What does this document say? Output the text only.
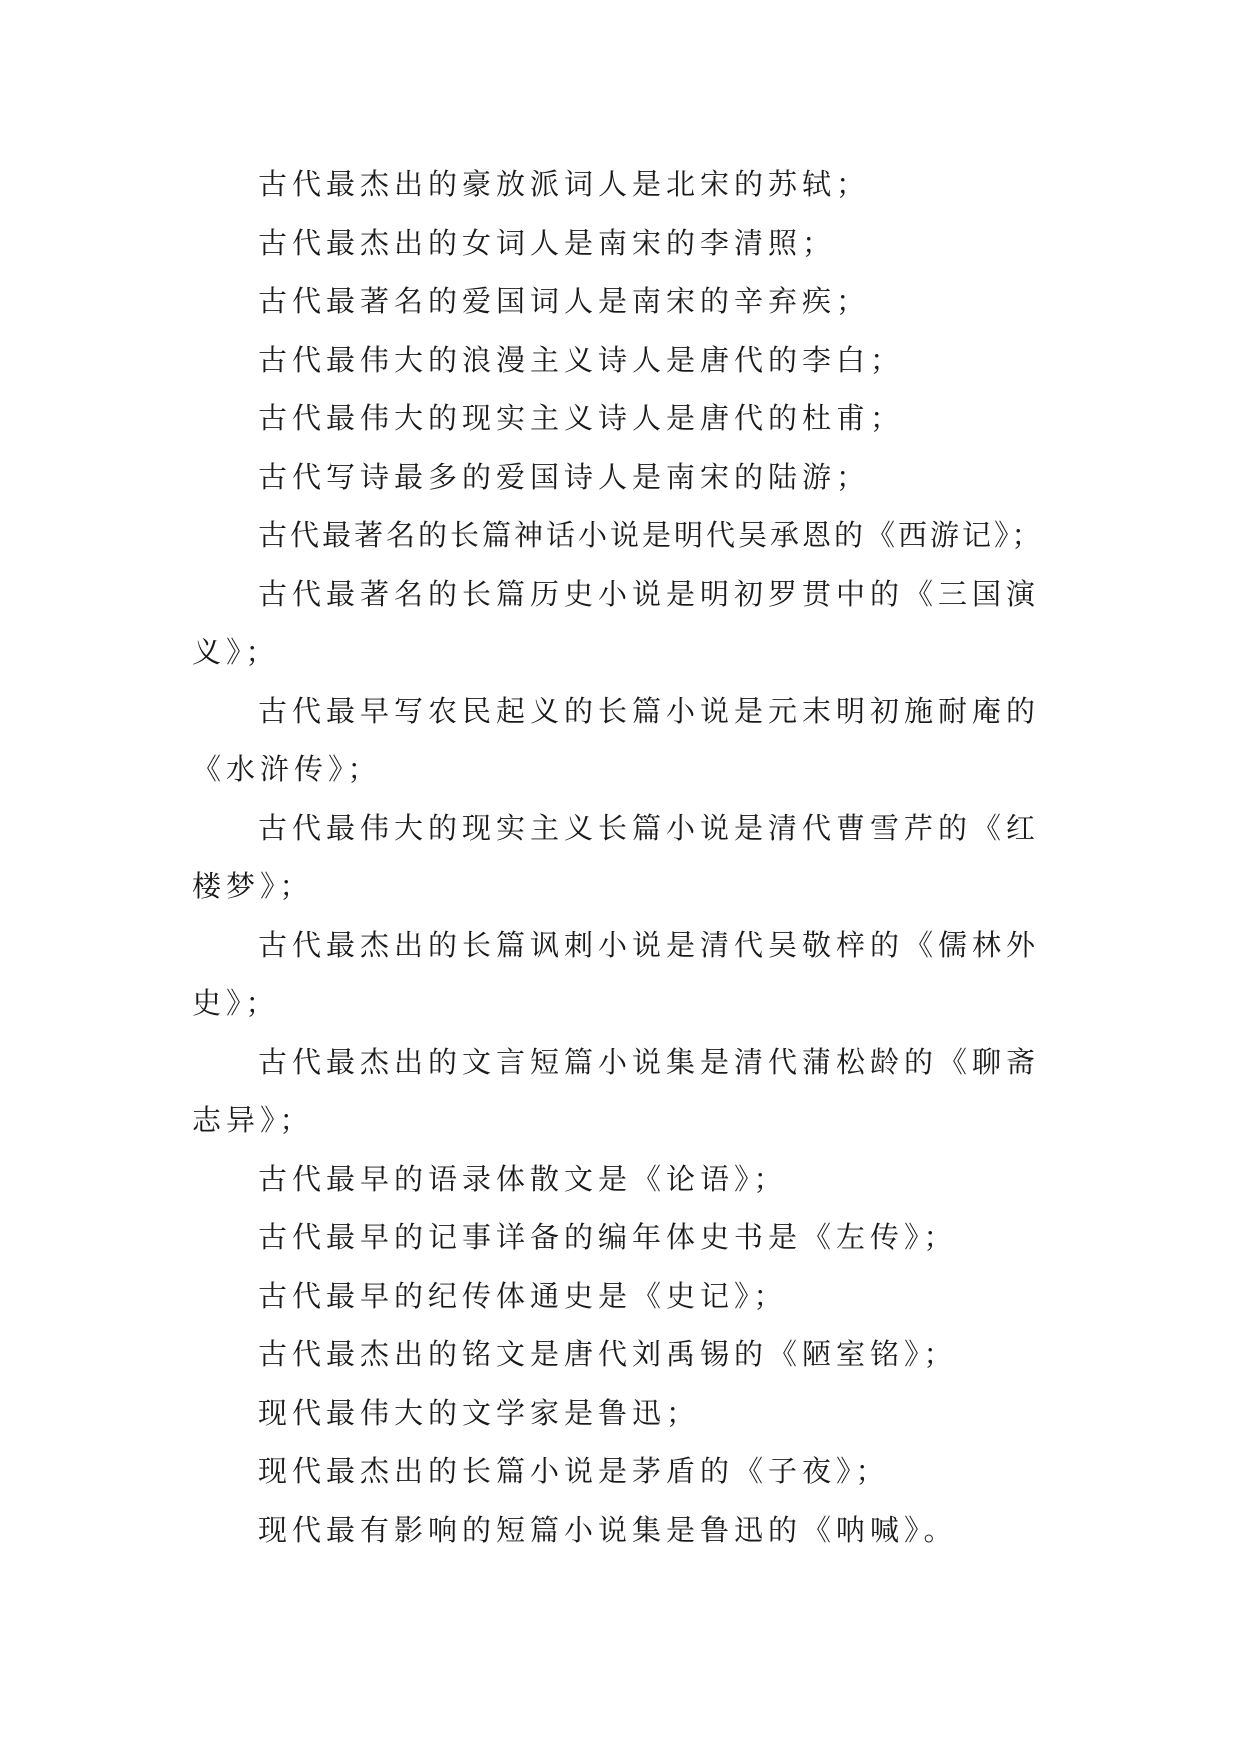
古代最杰出的豪放派词人是北宋的苏轼；

古代最杰出的女词人是南宋的李清照；

古代最著名的爱国词人是南宋的辛弃疾；

古代最伟大的浪漫主义诗人是唐代的李白；

古代最伟大的现实主义诗人是唐代的杜甫；

古代写诗最多的爱国诗人是南宋的陆游；

古代最著名的长篇神话小说是明代吴承恩的《西游记》；

古代最著名的长篇历史小说是明初罗贯中的《三国演义》；

古代最早写农民起义的长篇小说是元末明初施耐庵的《水浒传》；

古代最伟大的现实主义长篇小说是清代曹雪芹的《红楼梦》；

古代最杰出的长篇讽刺小说是清代吴敬梓的《儒林外史》；

古代最杰出的文言短篇小说集是清代蒲松龄的《聊斋志异》；

古代最早的语录体散文是《论语》；

古代最早的记事详备的编年体史书是《左传》；

古代最早的纪传体通史是《史记》；

古代最杰出的铭文是唐代刘禹锡的《陋室铭》；

现代最伟大的文学家是鲁迅；

现代最杰出的长篇小说是茅盾的《子夜》；

现代最有影响的短篇小说集是鲁迅的《呐喊》。
